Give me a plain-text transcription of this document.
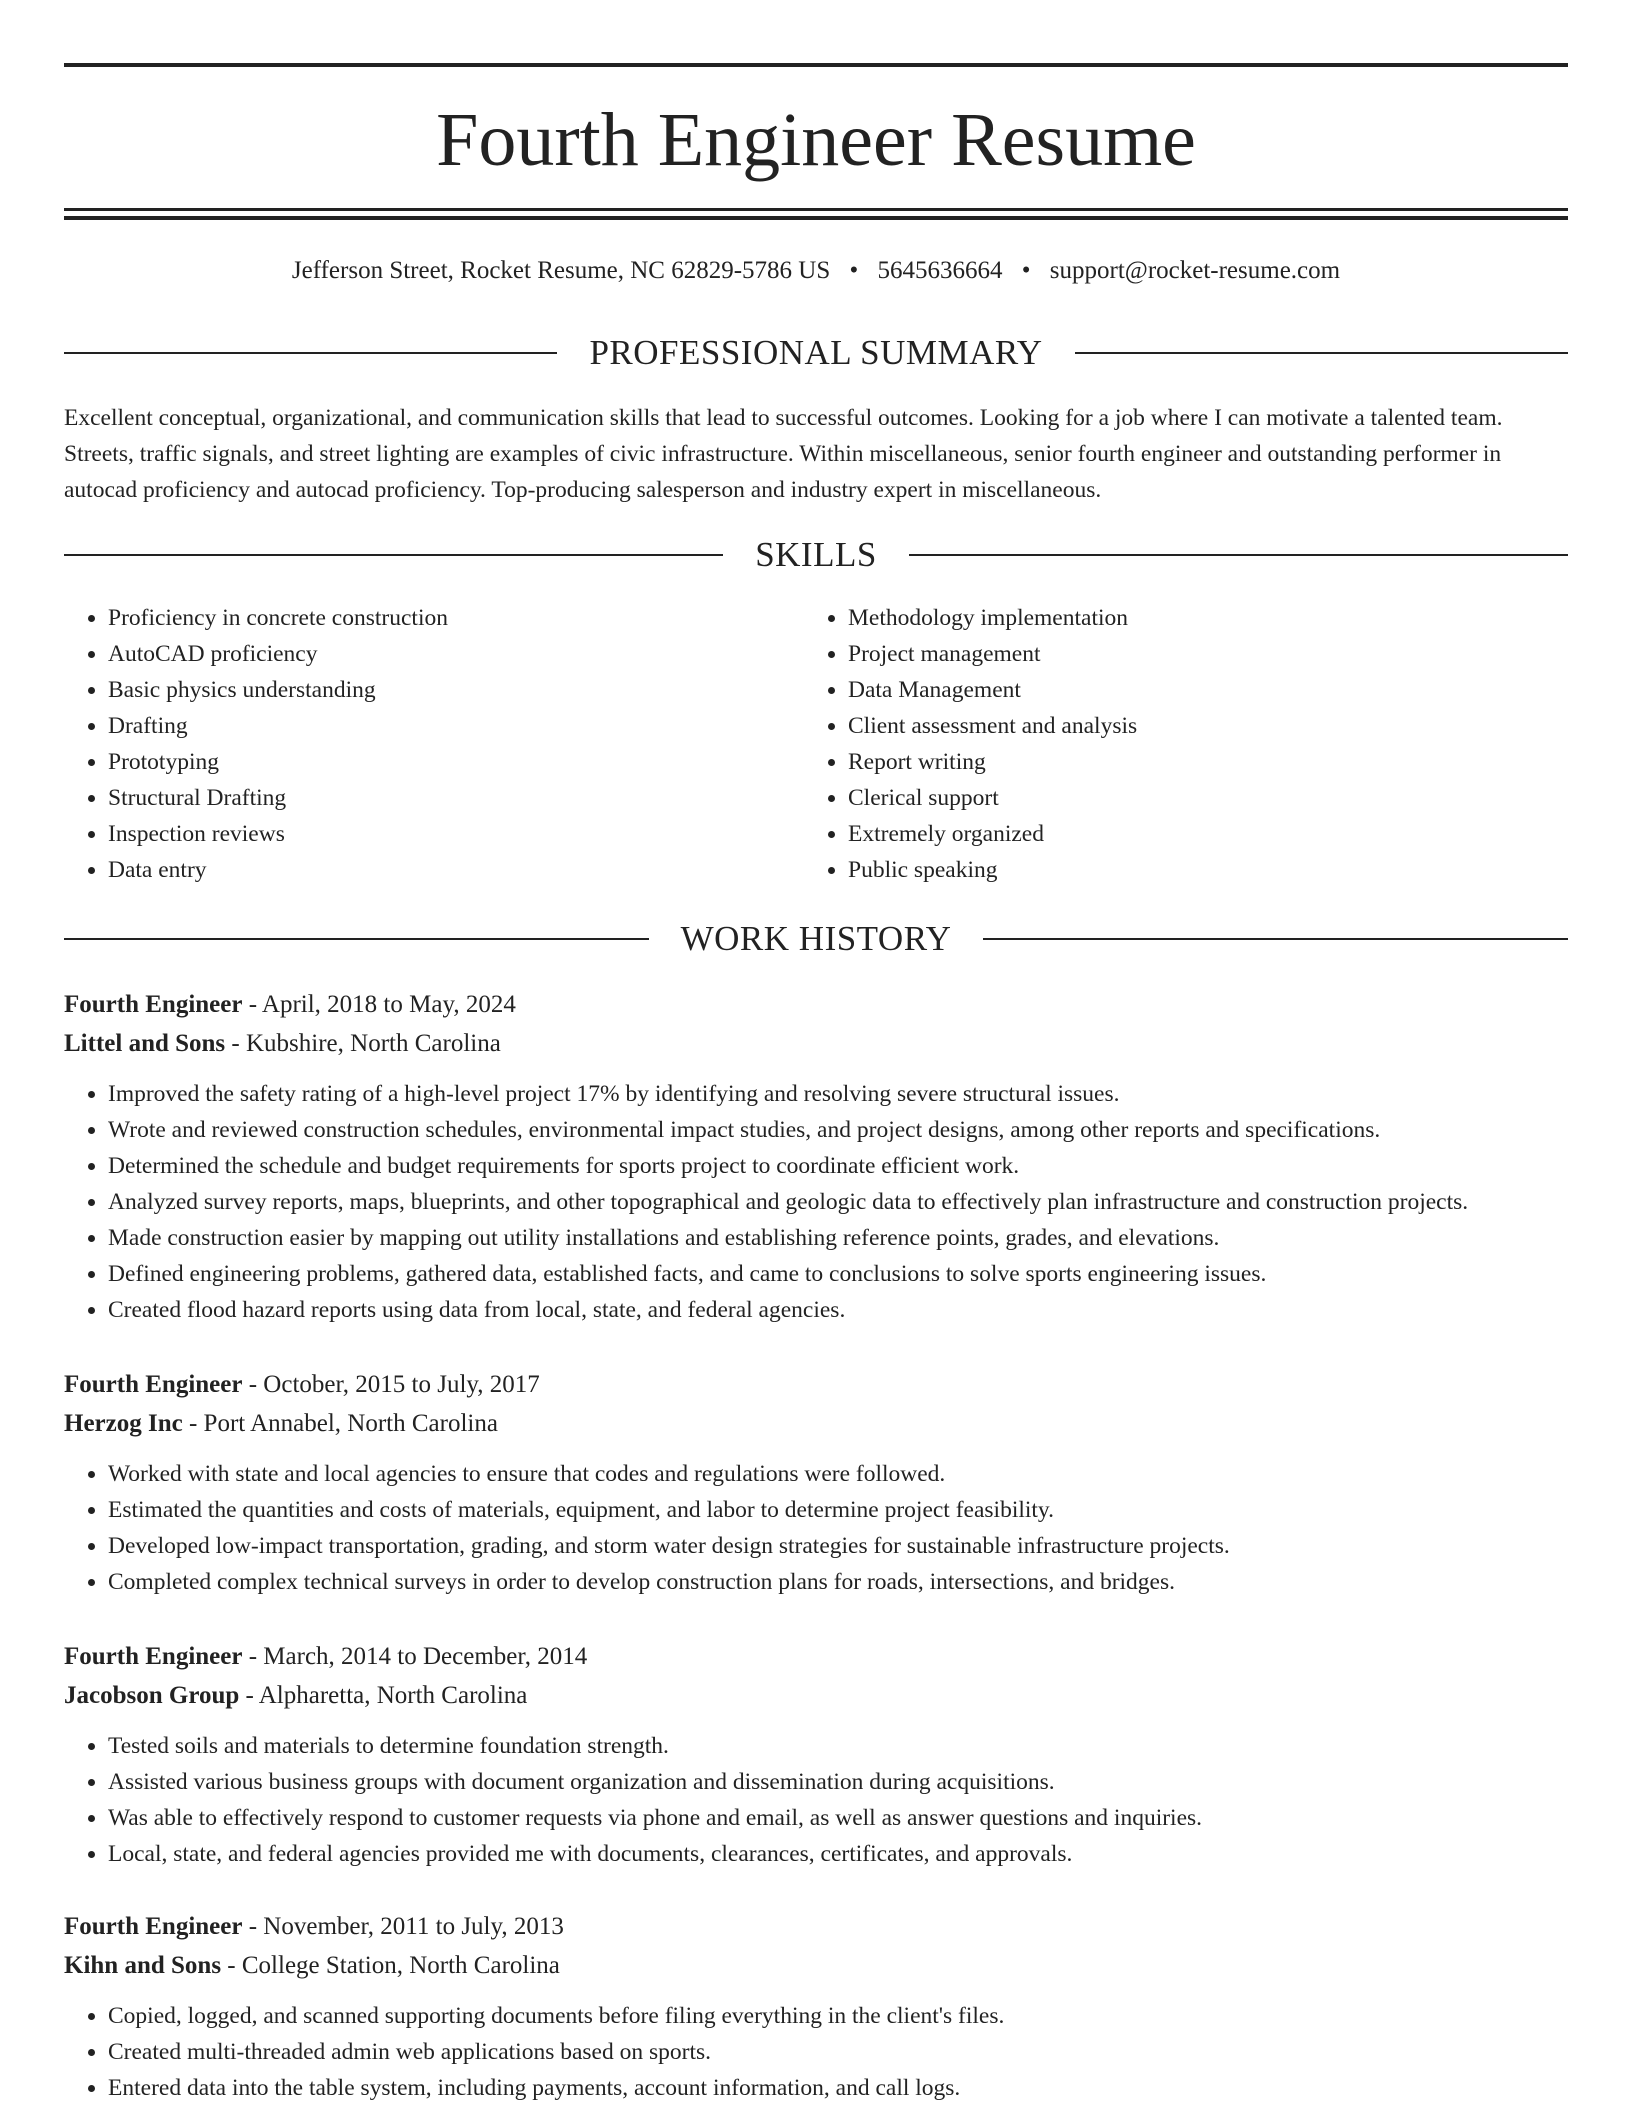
Fourth Engineer Resume
Jefferson Street, Rocket Resume, NC 62829-5786 US • 5645636664 • support@rocket-resume.com
PROFESSIONAL SUMMARY

Excellent conceptual, organizational, and communication skills that lead to successful outcomes. Looking for a job where I can motivate a talented team. Streets, traffic signals, and street lighting are examples of civic infrastructure. Within miscellaneous, senior fourth engineer and outstanding performer in autocad proficiency and autocad proficiency. Top-producing salesperson and industry expert in miscellaneous.

SKILLS
• Proficiency in concrete construction
• AutoCAD proficiency
• Basic physics understanding
• Drafting
• Prototyping
• Structural Drafting
• Inspection reviews
• Data entry
• Methodology implementation
• Project management
• Data Management
• Client assessment and analysis
• Report writing
• Clerical support
• Extremely organized
• Public speaking
WORK HISTORY
Fourth Engineer - April, 2018 to May, 2024
Littel and Sons - Kubshire, North Carolina
• Improved the safety rating of a high-level project 17% by identifying and resolving severe structural issues.
• Wrote and reviewed construction schedules, environmental impact studies, and project designs, among other reports and specifications.
• Determined the schedule and budget requirements for sports project to coordinate efficient work.
• Analyzed survey reports, maps, blueprints, and other topographical and geologic data to effectively plan infrastructure and construction projects.
• Made construction easier by mapping out utility installations and establishing reference points, grades, and elevations.
• Defined engineering problems, gathered data, established facts, and came to conclusions to solve sports engineering issues.
• Created flood hazard reports using data from local, state, and federal agencies.
Fourth Engineer - October, 2015 to July, 2017
Herzog Inc - Port Annabel, North Carolina
• Worked with state and local agencies to ensure that codes and regulations were followed.
• Estimated the quantities and costs of materials, equipment, and labor to determine project feasibility.
• Developed low-impact transportation, grading, and storm water design strategies for sustainable infrastructure projects.
• Completed complex technical surveys in order to develop construction plans for roads, intersections, and bridges.
Fourth Engineer - March, 2014 to December, 2014
Jacobson Group - Alpharetta, North Carolina
• Tested soils and materials to determine foundation strength.
• Assisted various business groups with document organization and dissemination during acquisitions.
• Was able to effectively respond to customer requests via phone and email, as well as answer questions and inquiries.
• Local, state, and federal agencies provided me with documents, clearances, certificates, and approvals.
Fourth Engineer - November, 2011 to July, 2013
Kihn and Sons - College Station, North Carolina
• Copied, logged, and scanned supporting documents before filing everything in the client's files.
• Created multi-threaded admin web applications based on sports.
• Entered data into the table system, including payments, account information, and call logs.
